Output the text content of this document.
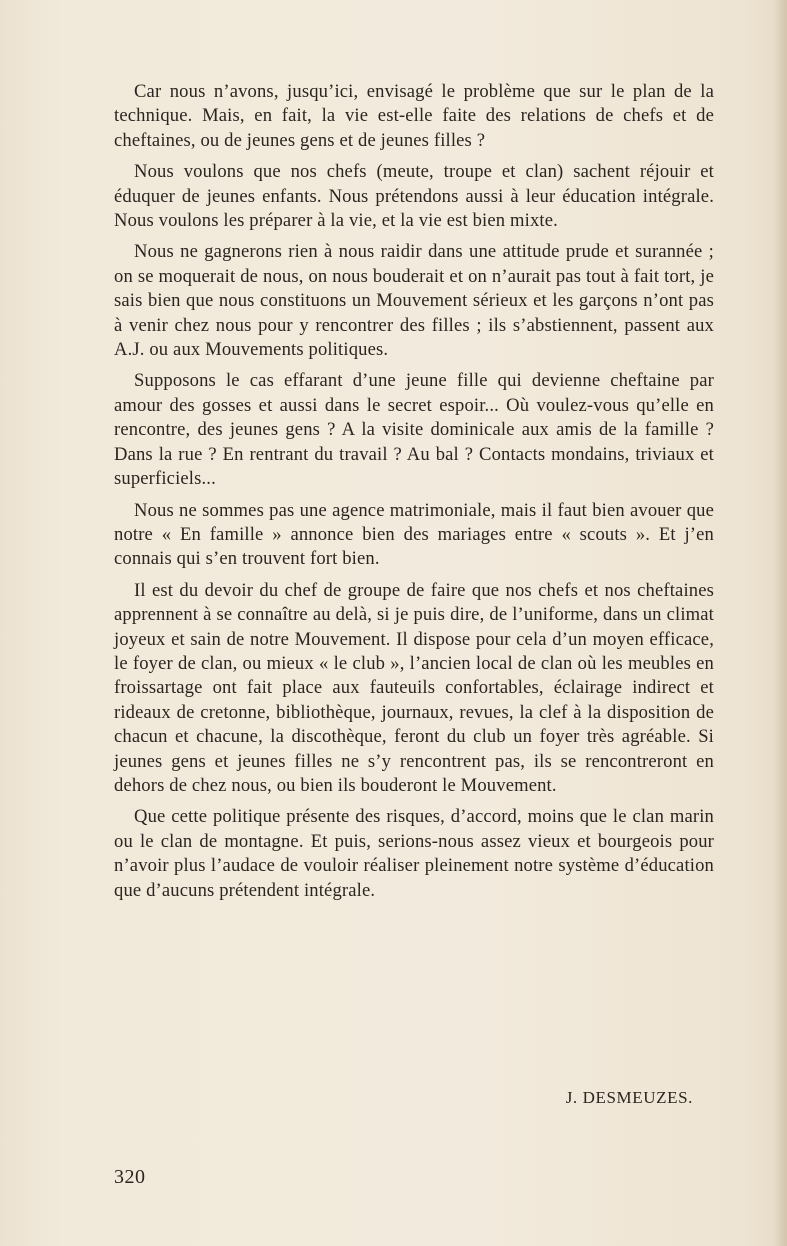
Car nous n’avons, jusqu’ici, envisagé le problème que sur le plan de la technique. Mais, en fait, la vie est-elle faite des relations de chefs et de cheftaines, ou de jeunes gens et de jeunes filles ?

Nous voulons que nos chefs (meute, troupe et clan) sachent réjouir et éduquer de jeunes enfants. Nous prétendons aussi à leur éducation intégrale. Nous voulons les préparer à la vie, et la vie est bien mixte.

Nous ne gagnerons rien à nous raidir dans une attitude prude et surannée ; on se moquerait de nous, on nous bouderait et on n’aurait pas tout à fait tort, je sais bien que nous constituons un Mouvement sérieux et les garçons n’ont pas à venir chez nous pour y rencontrer des filles ; ils s’abstiennent, passent aux A.J. ou aux Mouvements politiques.

Supposons le cas effarant d’une jeune fille qui devienne cheftaine par amour des gosses et aussi dans le secret espoir... Où voulez-vous qu’elle en rencontre, des jeunes gens ? A la visite dominicale aux amis de la famille ? Dans la rue ? En rentrant du travail ? Au bal ? Contacts mondains, triviaux et superficiels...

Nous ne sommes pas une agence matrimoniale, mais il faut bien avouer que notre « En famille » annonce bien des mariages entre « scouts ». Et j’en connais qui s’en trouvent fort bien.

Il est du devoir du chef de groupe de faire que nos chefs et nos cheftaines apprennent à se connaître au delà, si je puis dire, de l’uniforme, dans un climat joyeux et sain de notre Mouvement. Il dispose pour cela d’un moyen efficace, le foyer de clan, ou mieux « le club », l’ancien local de clan où les meubles en froissartage ont fait place aux fauteuils confortables, éclairage indirect et rideaux de cretonne, bibliothèque, journaux, revues, la clef à la disposition de chacun et chacune, la discothèque, feront du club un foyer très agréable. Si jeunes gens et jeunes filles ne s’y rencontrent pas, ils se rencontreront en dehors de chez nous, ou bien ils bouderont le Mouvement.

Que cette politique présente des risques, d’accord, moins que le clan marin ou le clan de montagne. Et puis, serions-nous assez vieux et bourgeois pour n’avoir plus l’audace de vouloir réaliser pleinement notre système d’éducation que d’aucuns prétendent intégrale.

J. DESMEUZES.
320
